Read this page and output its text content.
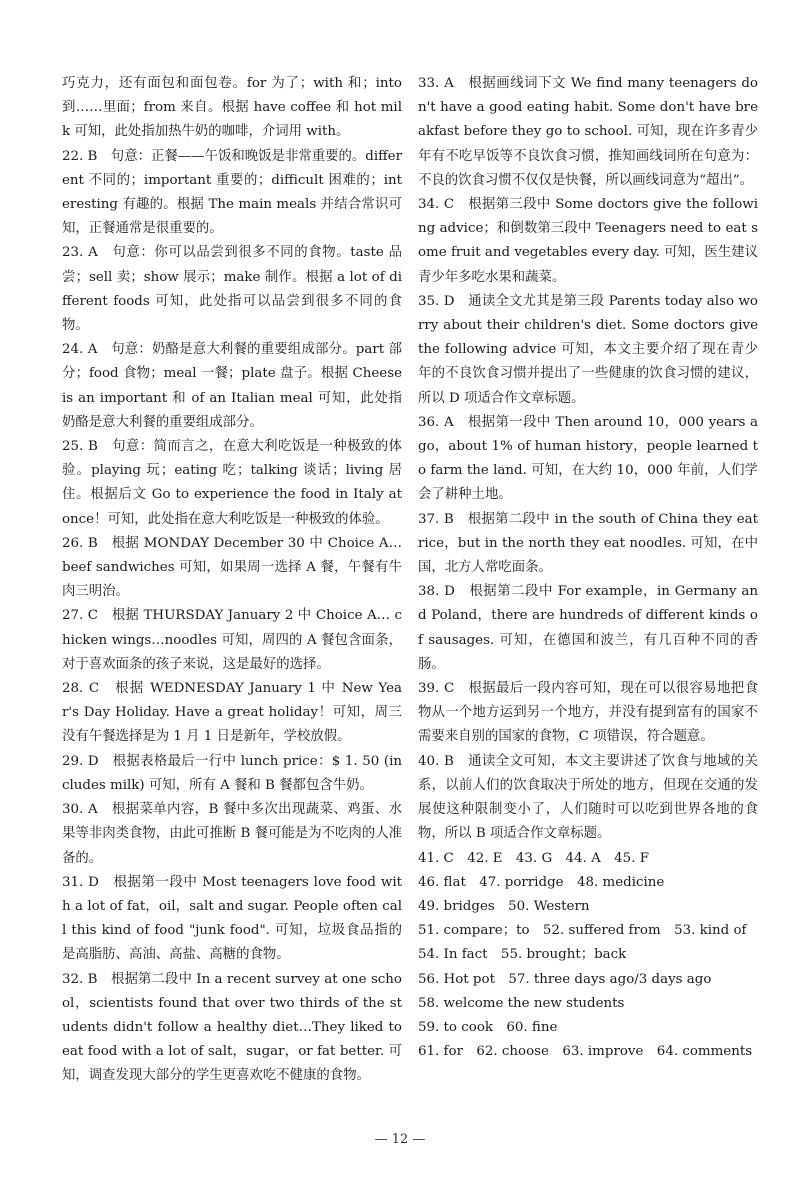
巧克力，还有面包和面包卷。for 为了；with 和；into 到……里面；from 来自。根据 have coffee 和 hot milk 可知，此处指加热牛奶的咖啡，介词用 with。

22. B　句意：正餐——午饭和晚饭是非常重要的。different 不同的；important 重要的；difficult 困难的；interesting 有趣的。根据 The main meals 并结合常识可知，正餐通常是很重要的。

23. A　句意：你可以品尝到很多不同的食物。taste 品尝；sell 卖；show 展示；make 制作。根据 a lot of different foods 可知，此处指可以品尝到很多不同的食物。

24. A　句意：奶酪是意大利餐的重要组成部分。part 部分；food 食物；meal 一餐；plate 盘子。根据 Cheese is an important 和 of an Italian meal 可知，此处指奶酪是意大利餐的重要组成部分。

25. B　句意：简而言之，在意大利吃饭是一种极致的体验。playing 玩；eating 吃；talking 谈话；living 居住。根据后文 Go to experience the food in Italy at once！可知，此处指在意大利吃饭是一种极致的体验。

26. B　根据 MONDAY December 30 中 Choice A… beef sandwiches 可知，如果周一选择 A 餐，午餐有牛肉三明治。

27. C　根据 THURSDAY January 2 中 Choice A… chicken wings…noodles 可知，周四的 A 餐包含面条，对于喜欢面条的孩子来说，这是最好的选择。

28. C　根据 WEDNESDAY January 1 中 New Year's Day Holiday. Have a great holiday！可知，周三没有午餐选择是为 1 月 1 日是新年，学校放假。

29. D　根据表格最后一行中 lunch price：$ 1. 50 (includes milk) 可知，所有 A 餐和 B 餐都包含牛奶。

30. A　根据菜单内容，B 餐中多次出现蔬菜、鸡蛋、水果等非肉类食物，由此可推断 B 餐可能是为不吃肉的人准备的。

31. D　根据第一段中 Most teenagers love food with a lot of fat，oil，salt and sugar. People often call this kind of food "junk food". 可知，垃圾食品指的是高脂肪、高油、高盐、高糖的食物。

32. B　根据第二段中 In a recent survey at one school，scientists found that over two thirds of the students didn't follow a healthy diet…They liked to eat food with a lot of salt，sugar，or fat better. 可知，调查发现大部分的学生更喜欢吃不健康的食物。

33. A　根据画线词下文 We find many teenagers don't have a good eating habit. Some don't have breakfast before they go to school. 可知，现在许多青少年有不吃早饭等不良饮食习惯，推知画线词所在句意为：不良的饮食习惯不仅仅是快餐，所以画线词意为“超出”。

34. C　根据第三段中 Some doctors give the following advice；和倒数第三段中 Teenagers need to eat some fruit and vegetables every day. 可知，医生建议青少年多吃水果和蔬菜。

35. D　通读全文尤其是第三段 Parents today also worry about their children's diet. Some doctors give the following advice 可知，本文主要介绍了现在青少年的不良饮食习惯并提出了一些健康的饮食习惯的建议，所以 D 项适合作文章标题。

36. A　根据第一段中 Then around 10，000 years ago，about 1% of human history，people learned to farm the land. 可知，在大约 10，000 年前，人们学会了耕种土地。

37. B　根据第二段中 in the south of China they eat rice，but in the north they eat noodles. 可知，在中国，北方人常吃面条。

38. D　根据第二段中 For example，in Germany and Poland，there are hundreds of different kinds of sausages. 可知，在德国和波兰，有几百种不同的香肠。

39. C　根据最后一段内容可知，现在可以很容易地把食物从一个地方运到另一个地方，并没有提到富有的国家不需要来自别的国家的食物，C 项错误，符合题意。

40. B　通读全文可知，本文主要讲述了饮食与地域的关系，以前人们的饮食取决于所处的地方，但现在交通的发展使这种限制变小了，人们随时可以吃到世界各地的食物，所以 B 项适合作文章标题。

41. C　42. E　43. G　44. A　45. F

46. flat　47. porridge　48. medicine

49. bridges　50. Western

51. compare；to　52. suffered from　53. kind of

54. In fact　55. brought；back

56. Hot pot　57. three days ago/3 days ago

58. welcome the new students

59. to cook　60. fine

61. for　62. choose　63. improve　64. comments

— 12 —
